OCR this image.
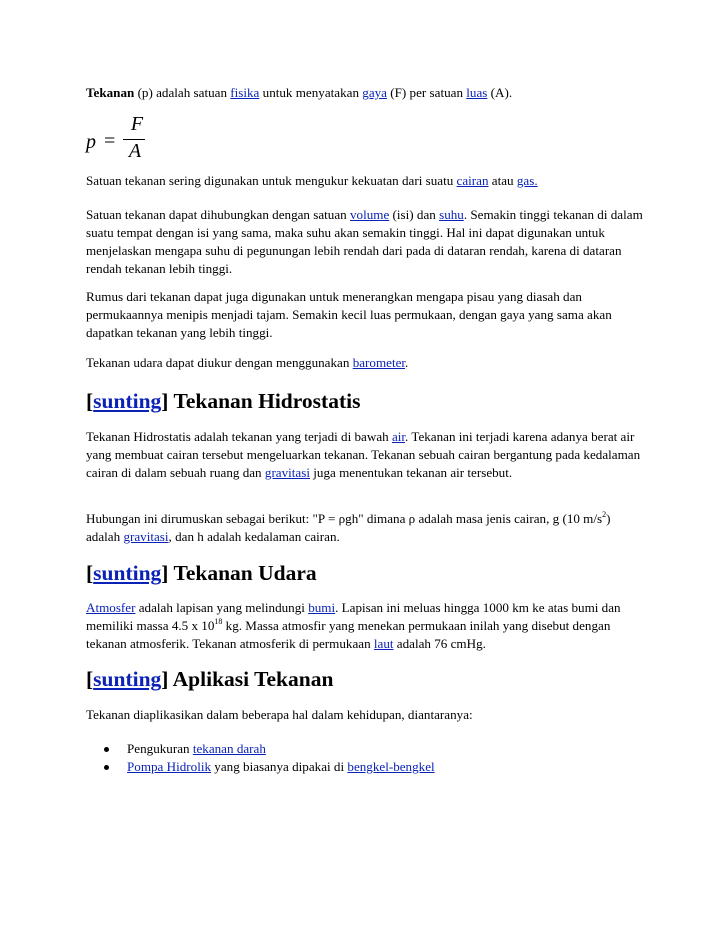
Tekanan (p) adalah satuan fisika untuk menyatakan gaya (F) per satuan luas (A).
p =
F
A
Satuan tekanan sering digunakan untuk mengukur kekuatan dari suatu cairan atau gas.
Satuan tekanan dapat dihubungkan dengan satuan volume (isi) dan suhu. Semakin tinggi tekanan di dalam suatu tempat dengan isi yang sama, maka suhu akan semakin tinggi. Hal ini dapat digunakan untuk menjelaskan mengapa suhu di pegunungan lebih rendah dari pada di dataran rendah, karena di dataran rendah tekanan lebih tinggi.
Rumus dari tekanan dapat juga digunakan untuk menerangkan mengapa pisau yang diasah dan permukaannya menipis menjadi tajam. Semakin kecil luas permukaan, dengan gaya yang sama akan dapatkan tekanan yang lebih tinggi.
Tekanan udara dapat diukur dengan menggunakan barometer.
[sunting] Tekanan Hidrostatis
Tekanan Hidrostatis adalah tekanan yang terjadi di bawah air. Tekanan ini terjadi karena adanya berat air yang membuat cairan tersebut mengeluarkan tekanan. Tekanan sebuah cairan bergantung pada kedalaman cairan di dalam sebuah ruang dan gravitasi juga menentukan tekanan air tersebut.
Hubungan ini dirumuskan sebagai berikut: "P = ρgh" dimana ρ adalah masa jenis cairan, g (10 $m/s^2$) adalah gravitasi, dan h adalah kedalaman cairan.
[sunting] Tekanan Udara
Atmosfer adalah lapisan yang melindungi bumi. Lapisan ini meluas hingga 1000 km ke atas bumi dan memiliki massa 4.5 x $10^{18}$ kg. Massa atmosfir yang menekan permukaan inilah yang disebut dengan tekanan atmosferik. Tekanan atmosferik di permukaan laut adalah 76 cmHg.
[sunting] Aplikasi Tekanan
Tekanan diaplikasikan dalam beberapa hal dalam kehidupan, diantaranya:
Pengukuran tekanan darah
Pompa Hidrolik yang biasanya dipakai di bengkel-bengkel
